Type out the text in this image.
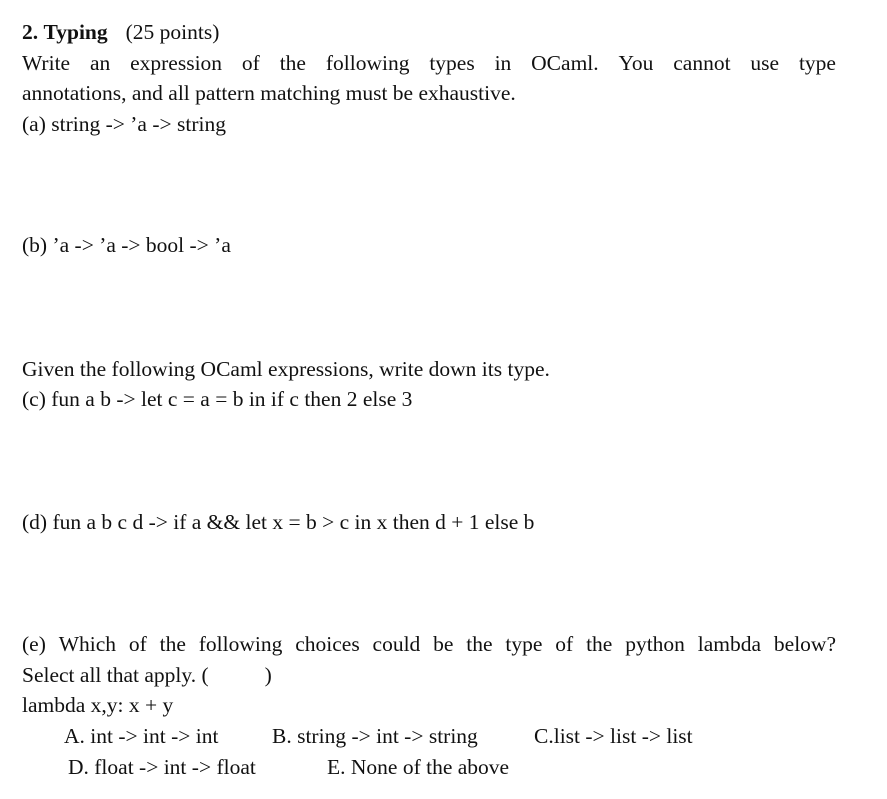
2. Typing (25 points)
Write an expression of the following types in OCaml. You cannot use type
annotations, and all pattern matching must be exhaustive.
(a) string -> ’a -> string
(b) ’a -> ’a -> bool -> ’a
Given the following OCaml expressions, write down its type.
(c) fun a b -> let c = a = b in if c then 2 else 3
(d) fun a b c d -> if a && let x = b > c in x then d + 1 else b
(e) Which of the following choices could be the type of the python lambda below?
Select all that apply. (	)
lambda x,y: x + y
A. int -> int -> int B. string -> int -> string	C.list -> list -> list
D. float -> int -> float	E. None of the above
